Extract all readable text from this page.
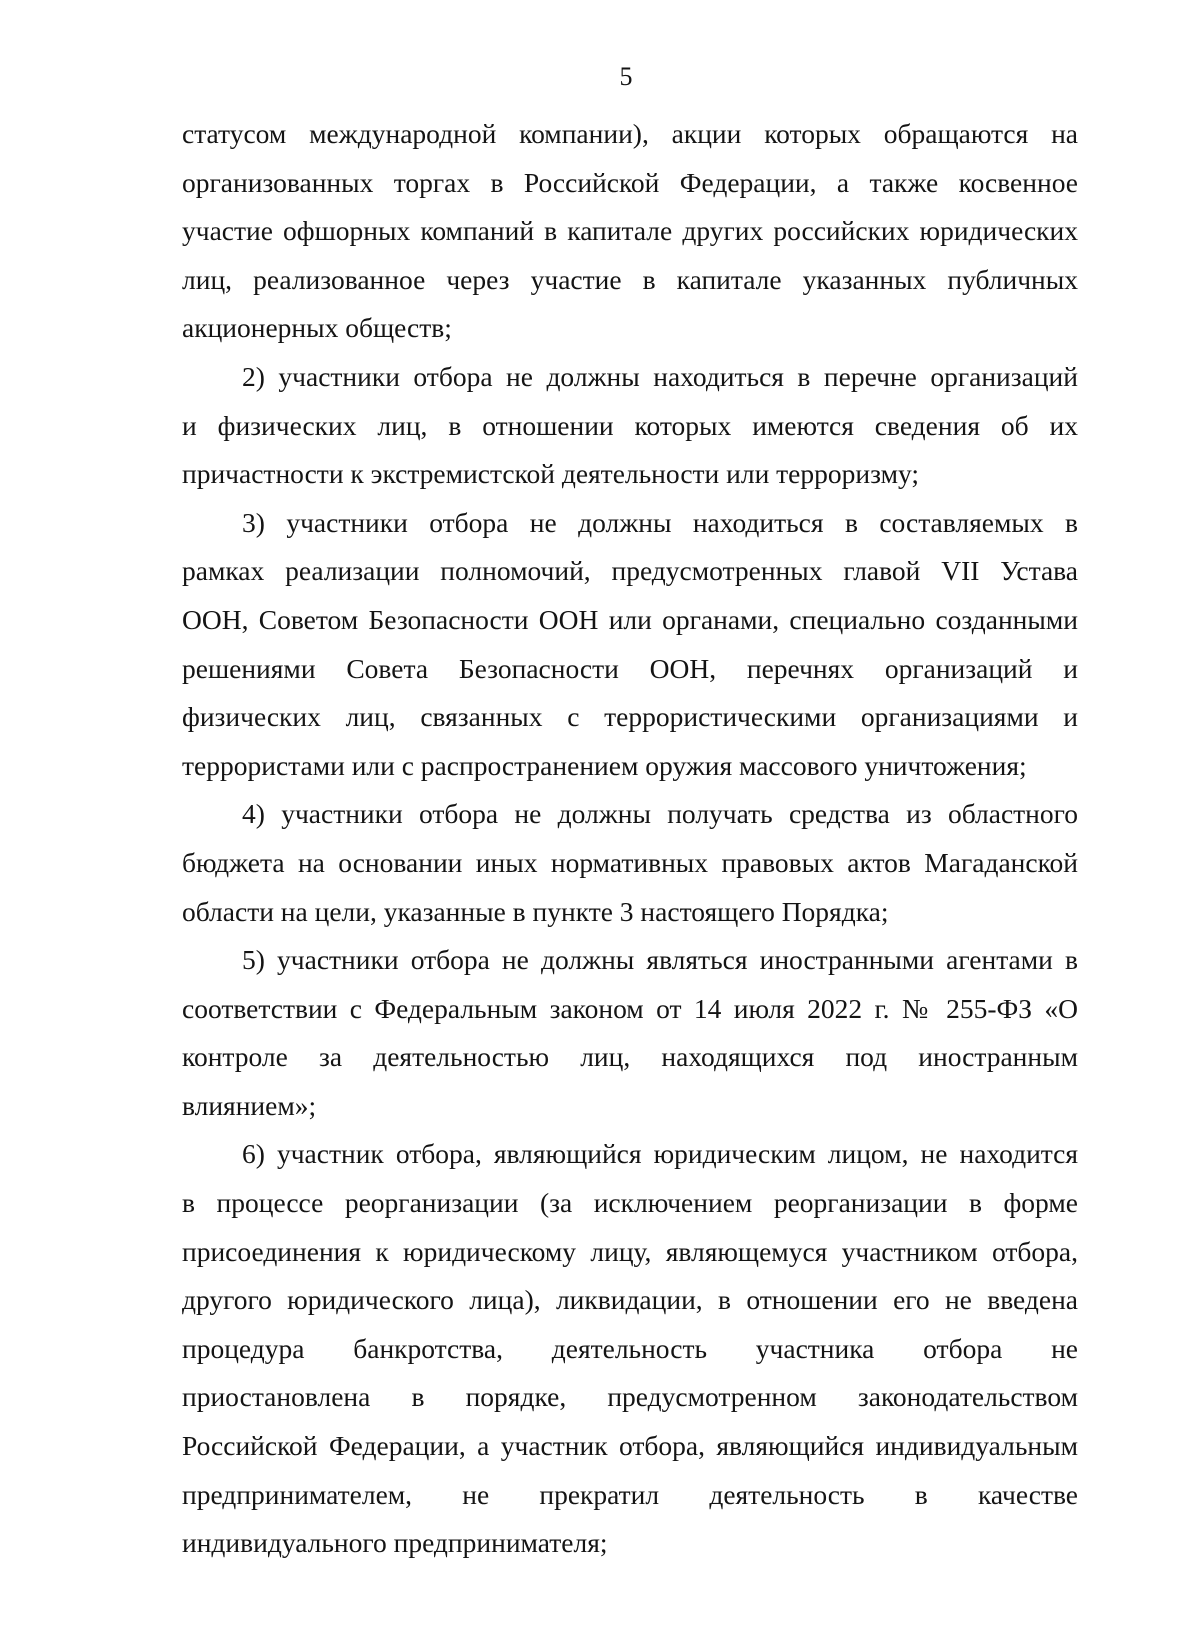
5
статусом международной компании), акции которых обращаются на
организованных торгах в Российской Федерации, а также косвенное
участие офшорных компаний в капитале других российских юридических
лиц, реализованное через участие в капитале указанных публичных
акционерных обществ;
2) участники отбора не должны находиться в перечне организаций
и физических лиц, в отношении которых имеются сведения об их
причастности к экстремистской деятельности или терроризму;
3) участники отбора не должны находиться в составляемых в
рамках реализации полномочий, предусмотренных главой VII Устава
ООН, Советом Безопасности ООН или органами, специально созданными
решениями Совета Безопасности ООН, перечнях организаций и
физических лиц, связанных с террористическими организациями и
террористами или с распространением оружия массового уничтожения;
4) участники отбора не должны получать средства из областного
бюджета на основании иных нормативных правовых актов Магаданской
области на цели, указанные в пункте 3 настоящего Порядка;
5) участники отбора не должны являться иностранными агентами в
соответствии с Федеральным законом от 14 июля 2022 г. № 255-ФЗ «О
контроле за деятельностью лиц, находящихся под иностранным
влиянием»;
6) участник отбора, являющийся юридическим лицом, не находится
в процессе реорганизации (за исключением реорганизации в форме
присоединения к юридическому лицу, являющемуся участником отбора,
другого юридического лица), ликвидации, в отношении его не введена
процедура банкротства, деятельность участника отбора не
приостановлена в порядке, предусмотренном законодательством
Российской Федерации, а участник отбора, являющийся индивидуальным
предпринимателем, не прекратил деятельность в качестве
индивидуального предпринимателя;
